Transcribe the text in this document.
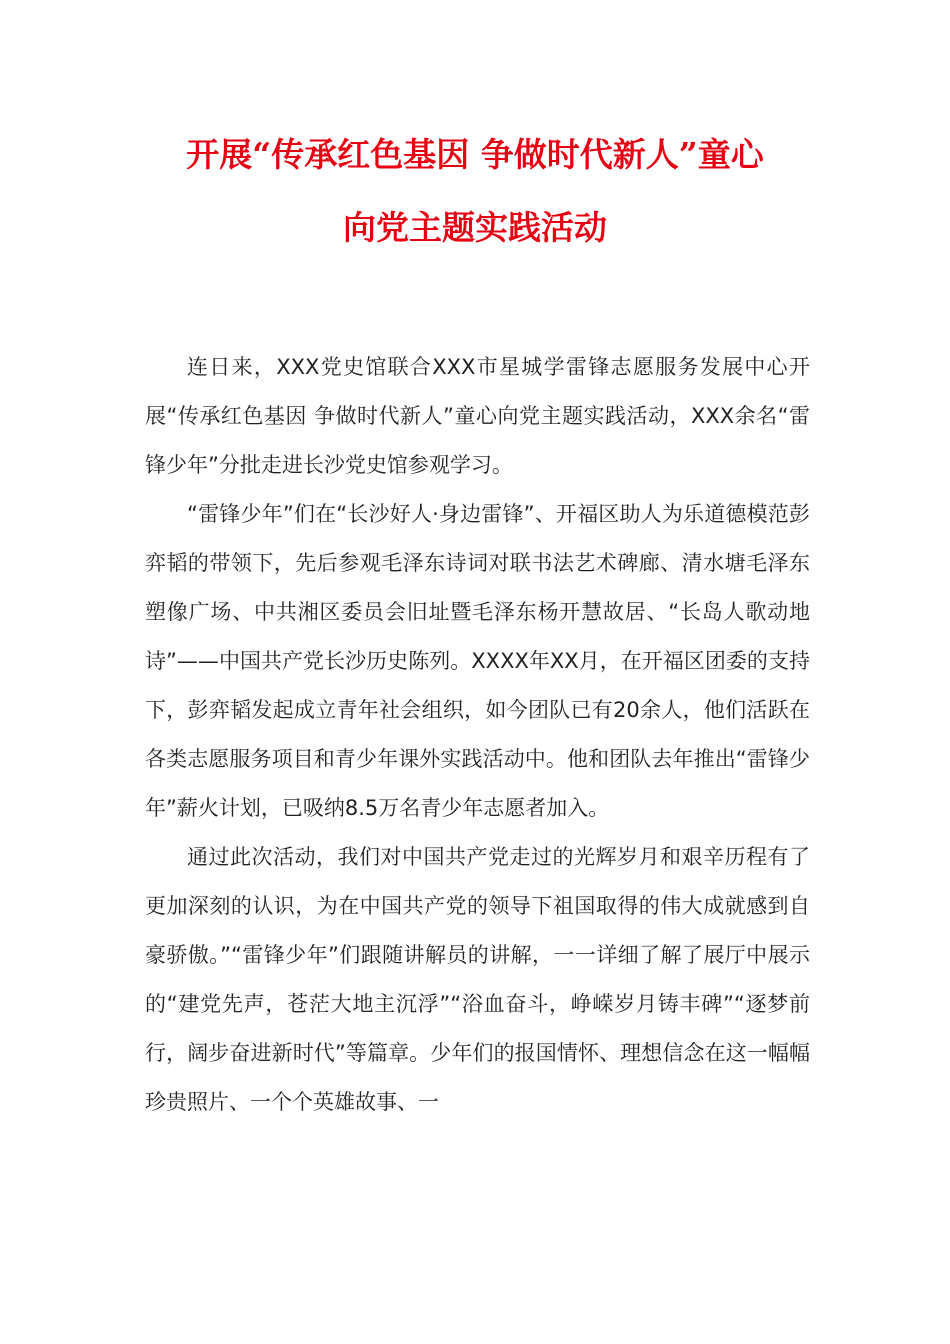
开展“传承红色基因 争做时代新人”童心
向党主题实践活动

连日来，XXX党史馆联合XXX市星城学雷锋志愿服务发展中心开展“传承红色基因 争做时代新人”童心向党主题实践活动，XXX余名“雷锋少年”分批走进长沙党史馆参观学习。

“雷锋少年”们在“长沙好人·身边雷锋”、开福区助人为乐道德模范彭弈韬的带领下，先后参观毛泽东诗词对联书法艺术碑廊、清水塘毛泽东塑像广场、中共湘区委员会旧址暨毛泽东杨开慧故居、“长岛人歌动地诗”——中国共产党长沙历史陈列。XXXX年XX月，在开福区团委的支持下，彭弈韬发起成立青年社会组织，如今团队已有20余人，他们活跃在各类志愿服务项目和青少年课外实践活动中。他和团队去年推出“雷锋少年”薪火计划，已吸纳8.5万名青少年志愿者加入。

通过此次活动，我们对中国共产党走过的光辉岁月和艰辛历程有了更加深刻的认识，为在中国共产党的领导下祖国取得的伟大成就感到自豪骄傲。”“雷锋少年”们跟随讲解员的讲解，一一详细了解了展厅中展示的“建党先声，苍茫大地主沉浮”“浴血奋斗，峥嵘岁月铸丰碑”“逐梦前行，阔步奋进新时代”等篇章。少年们的报国情怀、理想信念在这一幅幅珍贵照片、一个个英雄故事、一
